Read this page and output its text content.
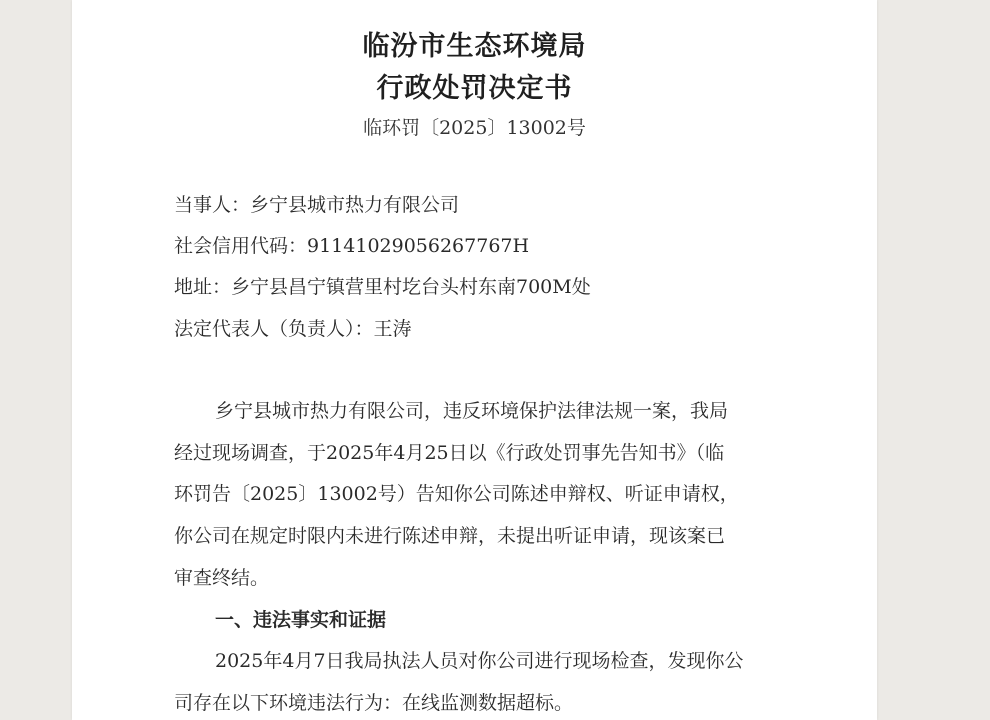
临汾市生态环境局
行政处罚决定书
临环罚〔2025〕13002号
当事人：乡宁县城市热力有限公司
社会信用代码：91141029056267767H
地址：乡宁县昌宁镇营里村圪台头村东南700M处
法定代表人（负责人）：王涛
乡宁县城市热力有限公司，违反环境保护法律法规一案，我局
经过现场调查，于2025年4月25日以《行政处罚事先告知书》（临
环罚告〔2025〕13002号）告知你公司陈述申辩权、听证申请权，
你公司在规定时限内未进行陈述申辩，未提出听证申请，现该案已
审查终结。
一、违法事实和证据
2025年4月7日我局执法人员对你公司进行现场检查，发现你公
司存在以下环境违法行为：在线监测数据超标。
